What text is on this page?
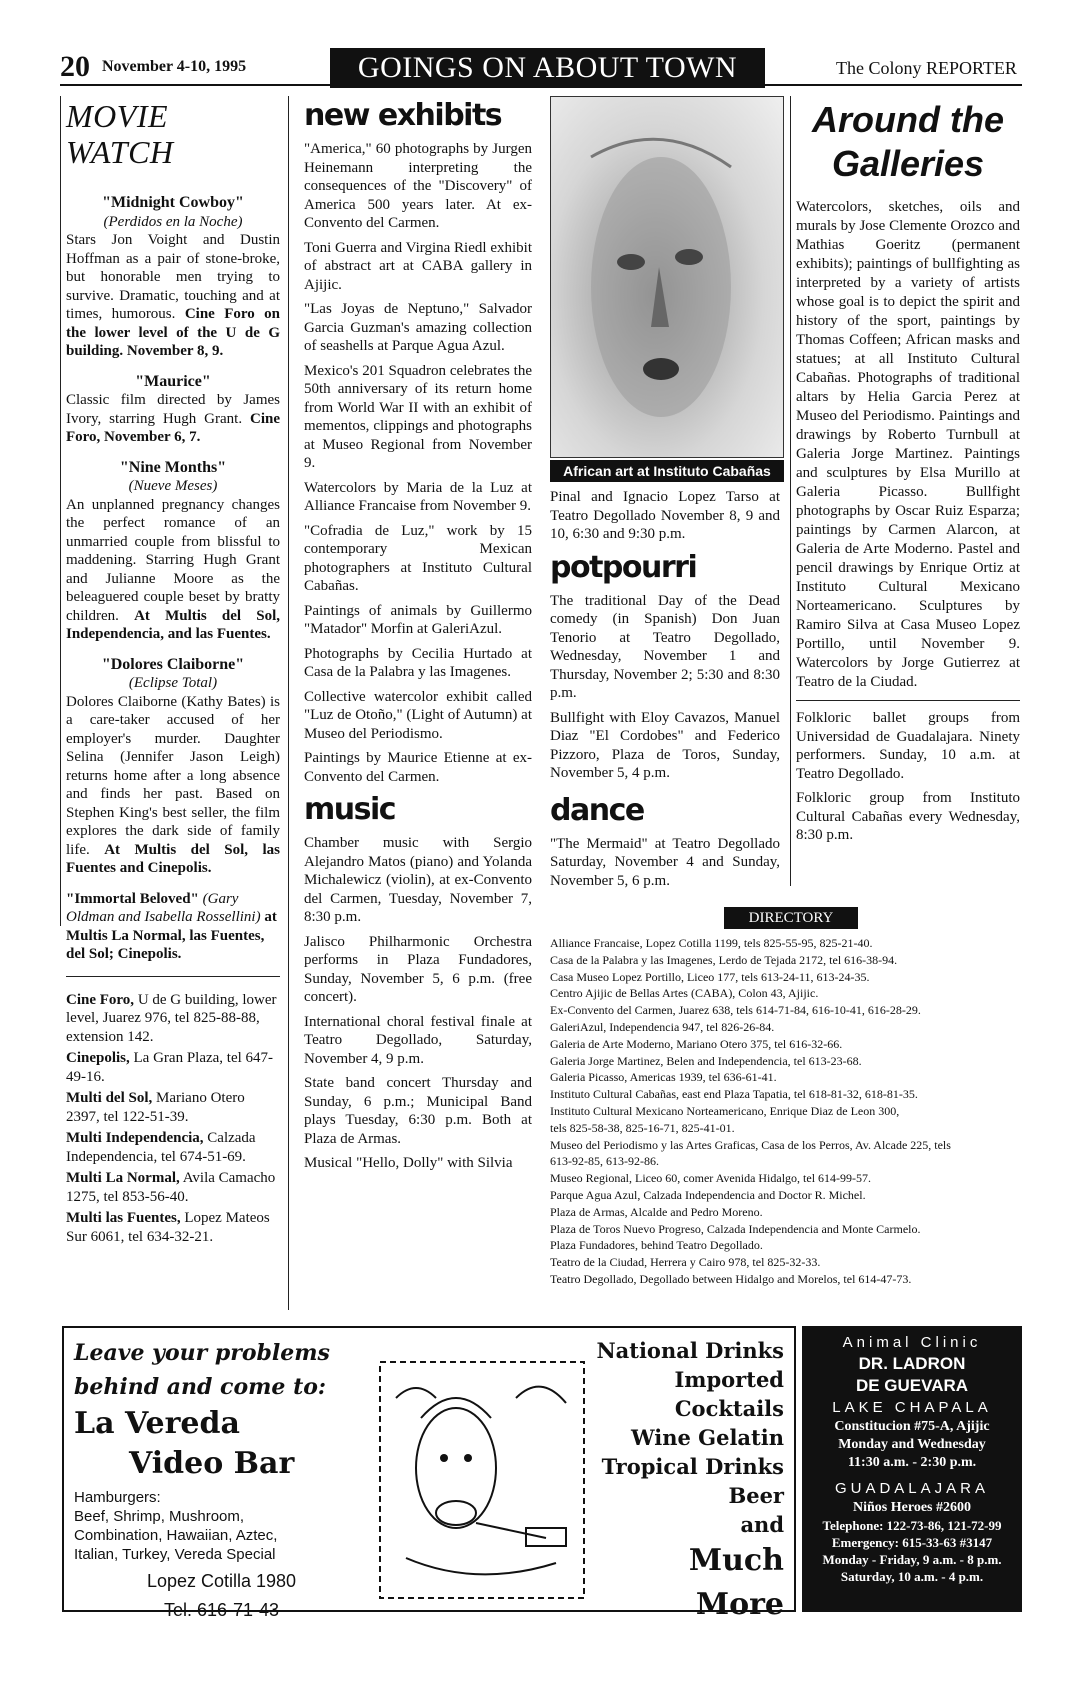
20 November 4-10, 1995	GOINGS ON ABOUT TOWN	The Colony REPORTER
MOVIE WATCH
"Midnight Cowboy"
(Perdidos en la Noche)
Stars Jon Voight and Dustin Hoffman as a pair of stone-broke, but honorable men trying to survive. Dramatic, touching and at times, humorous. Cine Foro on the lower level of the U de G building. November 8, 9.
"Maurice"
Classic film directed by James Ivory, starring Hugh Grant. Cine Foro, November 6, 7.
"Nine Months"
(Nueve Meses)
An unplanned pregnancy changes the perfect romance of an unmarried couple from blissful to maddening. Starring Hugh Grant and Julianne Moore as the beleaguered couple beset by bratty children. At Multis del Sol, Independencia, and las Fuentes.
"Dolores Claiborne"
(Eclipse Total)
Dolores Claiborne (Kathy Bates) is a care-taker accused of her employer's murder. Daughter Selina (Jennifer Jason Leigh) returns home after a long absence and finds her past. Based on Stephen King's best seller, the film explores the dark side of family life. At Multis del Sol, las Fuentes and Cinepolis.
"Immortal Beloved" (Gary Oldman and Isabella Rossellini) at Multis La Normal, las Fuentes, del Sol; Cinepolis.

Cine Foro, U de G building, lower level, Juarez 976, tel 825-88-88, extension 142.

Cinepolis, La Gran Plaza, tel 647-49-16.

Multi del Sol, Mariano Otero 2397, tel 122-51-39.

Multi Independencia, Calzada Independencia, tel 674-51-69.

Multi La Normal, Avila Camacho 1275, tel 853-56-40.

Multi las Fuentes, Lopez Mateos Sur 6061, tel 634-32-21.

new exhibits

"America," 60 photographs by Jurgen Heinemann interpreting the consequences of the "Discovery" of America 500 years later. At ex-Convento del Carmen.

Toni Guerra and Virgina Riedl exhibit of abstract art at CABA gallery in Ajijic.

"Las Joyas de Neptuno," Salvador Garcia Guzman's amazing collection of seashells at Parque Agua Azul.

Mexico's 201 Squadron celebrates the 50th anniversary of its return home from World War II with an exhibit of mementos, clippings and photographs at Museo Regional from November 9.

Watercolors by Maria de la Luz at Alliance Francaise from November 9.

"Cofradia de Luz," work by 15 contemporary Mexican photographers at Instituto Cultural Cabañas.

Paintings of animals by Guillermo "Matador" Morfin at GaleriAzul.

Photographs by Cecilia Hurtado at Casa de la Palabra y las Imagenes.

Collective watercolor exhibit called "Luz de Otoño," (Light of Autumn) at Museo del Periodismo.

Paintings by Maurice Etienne at ex-Convento del Carmen.

music

Chamber music with Sergio Alejandro Matos (piano) and Yolanda Michalewicz (violin), at ex-Convento del Carmen, Tuesday, November 7, 8:30 p.m.

Jalisco Philharmonic Orchestra performs in Plaza Fundadores, Sunday, November 5, 6 p.m. (free concert).

International choral festival finale at Teatro Degollado, Saturday, November 4, 9 p.m.

State band concert Thursday and Sunday, 6 p.m.; Municipal Band plays Tuesday, 6:30 p.m. Both at Plaza de Armas.

Musical "Hello, Dolly" with Silvia

African art at Instituto Cabañas

Pinal and Ignacio Lopez Tarso at Teatro Degollado November 8, 9 and 10, 6:30 and 9:30 p.m.

potpourri

The traditional Day of the Dead comedy (in Spanish) Don Juan Tenorio at Teatro Degollado, Wednesday, November 1 and Thursday, November 2; 5:30 and 8:30 p.m.

Bullfight with Eloy Cavazos, Manuel Diaz "El Cordobes" and Federico Pizzoro, Plaza de Toros, Sunday, November 5, 4 p.m.

dance

"The Mermaid" at Teatro Degollado Saturday, November 4 and Sunday, November 5, 6 p.m.

Around the Galleries

Watercolors, sketches, oils and murals by Jose Clemente Orozco and Mathias Goeritz (permanent exhibits); paintings of bullfighting as interpreted by a variety of artists whose goal is to depict the spirit and history of the sport, paintings by Thomas Coffeen; African masks and statues; at all Instituto Cultural Cabañas. Photographs of traditional altars by Helia Garcia Perez at Museo del Periodismo. Paintings and drawings by Roberto Turnbull at Galeria Jorge Martinez. Paintings and sculptures by Elsa Murillo at Galeria Picasso. Bullfight photographs by Oscar Ruiz Esparza; paintings by Carmen Alarcon, at Galeria de Arte Moderno. Pastel and pencil drawings by Enrique Ortiz at Instituto Cultural Mexicano Norteamericano. Sculptures by Ramiro Silva at Casa Museo Lopez Portillo, until November 9. Watercolors by Jorge Gutierrez at Teatro de la Ciudad.

Folkloric ballet groups from Universidad de Guadalajara. Ninety performers. Sunday, 10 a.m. at Teatro Degollado.

Folkloric group from Instituto Cultural Cabañas every Wednesday, 8:30 p.m.

DIRECTORY
Alliance Francaise, Lopez Cotilla 1199, tels 825-55-95, 825-21-40.
Casa de la Palabra y las Imagenes, Lerdo de Tejada 2172, tel 616-38-94.
Casa Museo Lopez Portillo, Liceo 177, tels 613-24-11, 613-24-35.
Centro Ajijic de Bellas Artes (CABA), Colon 43, Ajijic.
Ex-Convento del Carmen, Juarez 638, tels 614-71-84, 616-10-41, 616-28-29.
GaleriAzul, Independencia 947, tel 826-26-84.
Galeria de Arte Moderno, Mariano Otero 375, tel 616-32-66.
Galeria Jorge Martinez, Belen and Independencia, tel 613-23-68.
Galeria Picasso, Americas 1939, tel 636-61-41.
Instituto Cultural Cabañas, east end Plaza Tapatia, tel 618-81-32, 618-81-35.
Instituto Cultural Mexicano Norteamericano, Enrique Diaz de Leon 300,
tels 825-58-38, 825-16-71, 825-41-01.
Museo del Periodismo y las Artes Graficas, Casa de los Perros, Av. Alcade 225, tels
613-92-85, 613-92-86.
Museo Regional, Liceo 60, comer Avenida Hidalgo, tel 614-99-57.
Parque Agua Azul, Calzada Independencia and Doctor R. Michel.
Plaza de Armas, Alcalde and Pedro Moreno.
Plaza de Toros Nuevo Progreso, Calzada Independencia and Monte Carmelo.
Plaza Fundadores, behind Teatro Degollado.
Teatro de la Ciudad, Herrera y Cairo 978, tel 825-32-33.
Teatro Degollado, Degollado between Hidalgo and Morelos, tel 614-47-73.
Leave your problems
behind and come to:
La Vereda
Video Bar
Hamburgers:
Beef, Shrimp, Mushroom,
Combination, Hawaiian, Aztec,
Italian, Turkey, Vereda Special
Lopez Cotilla 1980
Tel. 616-71-43
National Drinks
Imported
Cocktails
Wine Gelatin
Tropical Drinks
Beer
and
Much More
Animal Clinic
DR. LADRON
DE GUEVARA
LAKE CHAPALA
Constitucion #75-A, Ajijic
Monday and Wednesday
11:30 a.m. - 2:30 p.m.
GUADALAJARA
Niños Heroes #2600
Telephone: 122-73-86, 121-72-99
Emergency: 615-33-63 #3147
Monday - Friday, 9 a.m. - 8 p.m.
Saturday, 10 a.m. - 4 p.m.
